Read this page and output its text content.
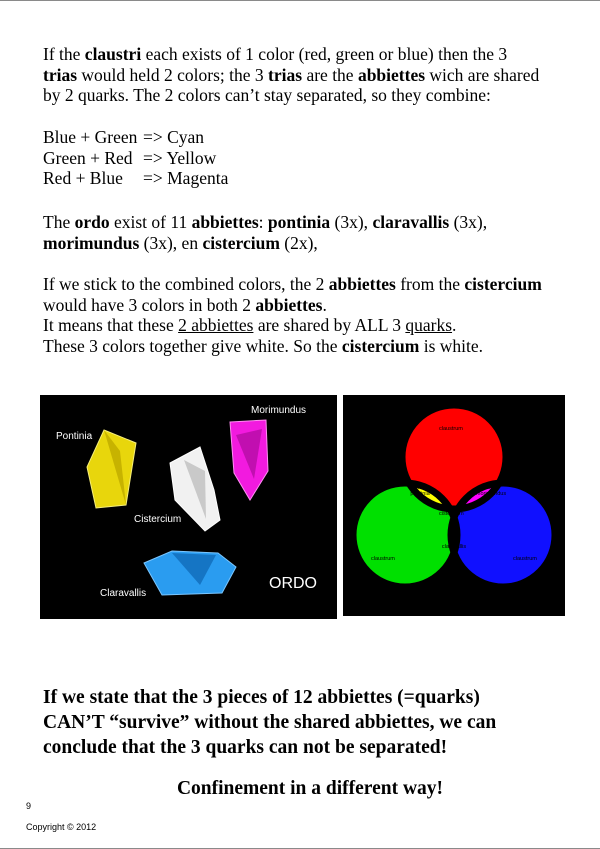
If the claustri each exists of 1 color (red, green or blue) then the 3
trias would held 2 colors; the 3 trias are the abbiettes wich are shared
by 2 quarks. The 2 colors can’t stay separated, so they combine:
Blue + Green => Cyan
Green + Red => Yellow
Red + Blue	=> Magenta
The ordo exist of 11 abbiettes: pontinia (3x), claravallis (3x),
morimundus (3x), en cistercium (2x),
If we stick to the combined colors, the 2 abbiettes from the cistercium
would have 3 colors in both 2 abbiettes.
It means that these 2 abbiettes are shared by ALL 3 quarks.
These 3 colors together give white. So the cistercium is white.
Pontinia
Morimundus
Cistercium
Claravallis
ORDO
claustrum
claustrum	claustrum
tria
pontinia
tria
morimundus
cistercium
tria
claravallis
If we state that the 3 pieces of 12 abbiettes (=quarks)
CAN’T “survive” without the shared abbiettes, we can
conclude that the 3 quarks can not be separated!
Confinement in a different way!
9
Copyright © 2012
